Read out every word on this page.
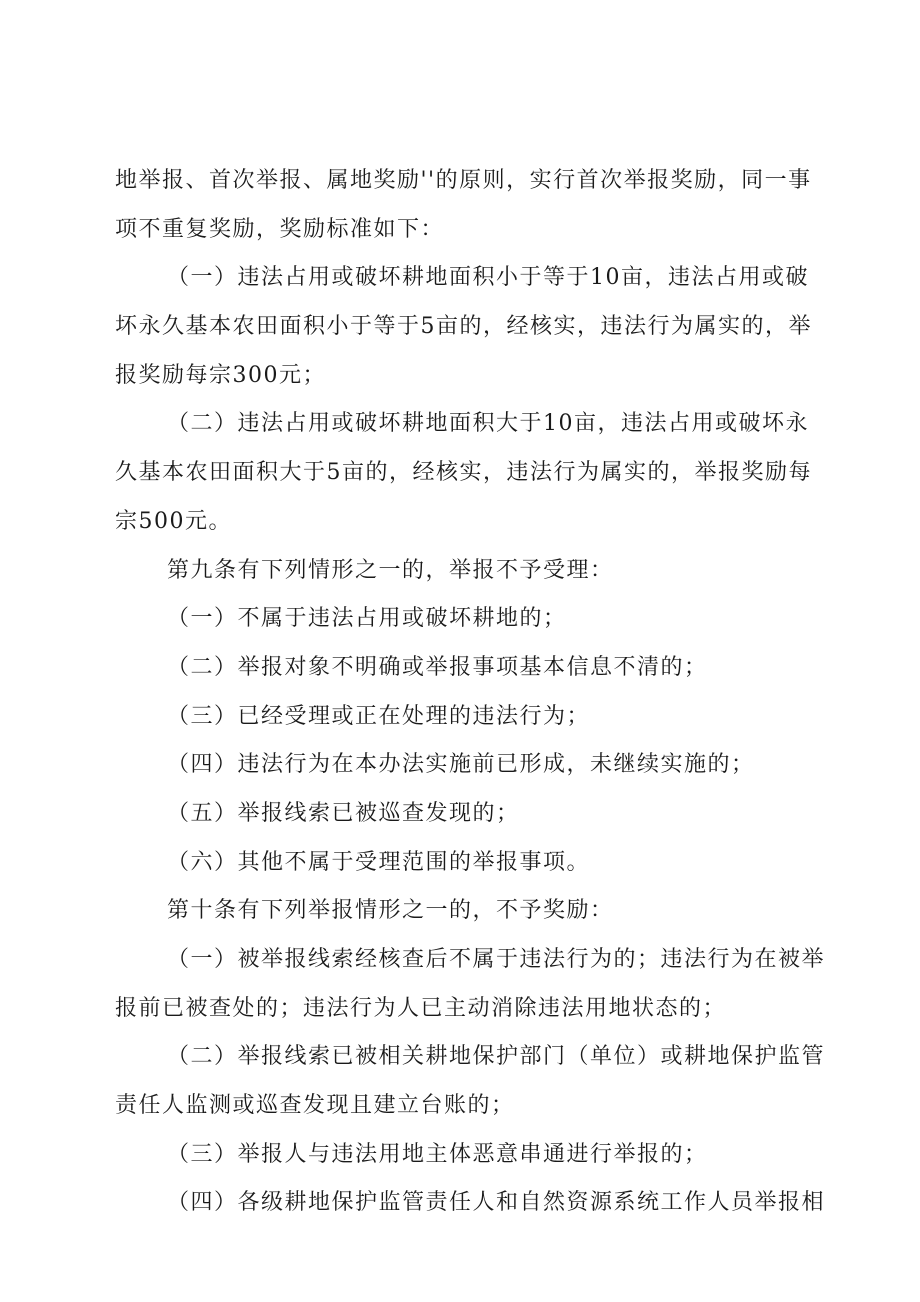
地举报、首次举报、属地奖励''的原则，实行首次举报奖励，同一事
项不重复奖励，奖励标准如下：
（一）违法占用或破坏耕地面积小于等于10亩，违法占用或破
坏永久基本农田面积小于等于5亩的，经核实，违法行为属实的，举
报奖励每宗300元；
（二）违法占用或破坏耕地面积大于10亩，违法占用或破坏永
久基本农田面积大于5亩的，经核实，违法行为属实的，举报奖励每
宗500元。
第九条有下列情形之一的，举报不予受理：
（一）不属于违法占用或破坏耕地的；
（二）举报对象不明确或举报事项基本信息不清的；
（三）已经受理或正在处理的违法行为；
（四）违法行为在本办法实施前已形成，未继续实施的；
（五）举报线索已被巡查发现的；
（六）其他不属于受理范围的举报事项。
第十条有下列举报情形之一的，不予奖励：
（一）被举报线索经核查后不属于违法行为的；违法行为在被举
报前已被查处的；违法行为人已主动消除违法用地状态的；
（二）举报线索已被相关耕地保护部门（单位）或耕地保护监管
责任人监测或巡查发现且建立台账的；
（三）举报人与违法用地主体恶意串通进行举报的；
（四）各级耕地保护监管责任人和自然资源系统工作人员举报相
